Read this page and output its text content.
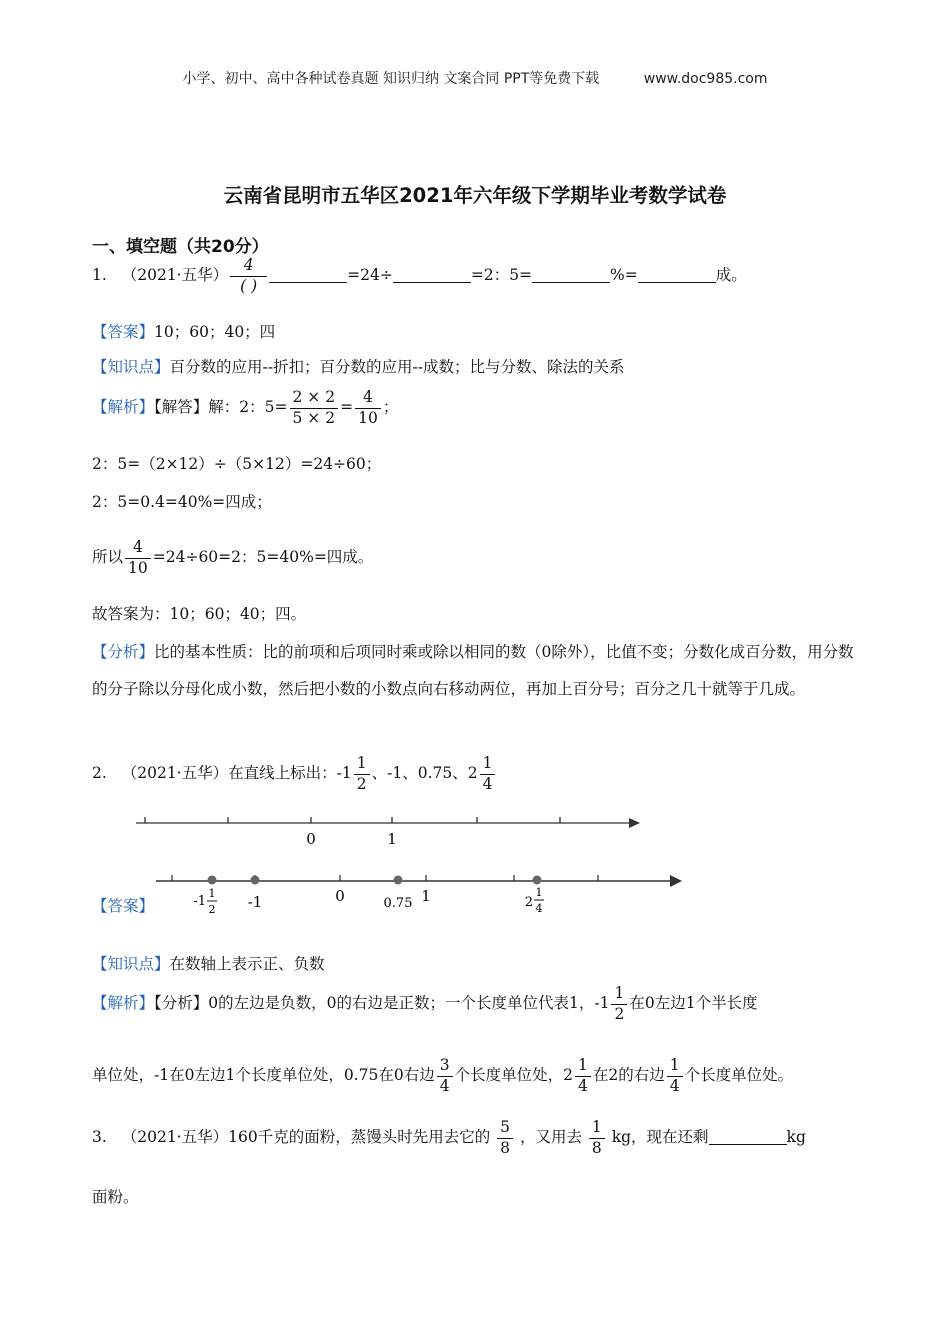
小学、初中、高中各种试卷真题 知识归纳 文案合同 PPT等免费下载	www.doc985.com
云南省昆明市五华区2021年六年级下学期毕业考数学试卷
一、填空题（共20分）
1. （2021·五华） $\frac{4}{( )}$	=24÷	=2：5=	%=	成。
【答案】10；60；40；四
【知识点】百分数的应用--折扣；百分数的应用--成数；比与分数、除法的关系
【解析】【解答】解：2：$5= \frac{2 \times 2}{5 \times 2} = \frac{4}{10}$ ；
2：5=（2×12）÷（5×12）=24÷60；
2：5=0.4=40%=四成；
所以 $\frac{4}{10} =24\div 60=2$：5=40%=四成。
故答案为：10；60；40；四。
【分析】比的基本性质：比的前项和后项同时乘或除以相同的数（0除外），比值不变；分数化成百分数，用分数的分子除以分母化成小数，然后把小数的小数点向右移动两位，再加上百分号；百分之几十就等于几成。
2. （2021·五华）在直线上标出：$-1 \frac{1}{2}$ 、-1、0.75、$2 \frac{1}{4}$
0	1
【答案】	-1
1
2 -1	0	0.75 1	2
1
4
【知识点】在数轴上表示正、负数
【解析】【分析】0的左边是负数，0的右边是正数；一个长度单位代表1，$-1 \frac{1}{2}$ 在0左边1个半长度
单位处，-1在0左边1个长度单位处，0.75在0右边 $\frac{3}{4}$ 个长度单位处，$2 \frac{1}{4}$ 在2的右边 $\frac{1}{4}$ 个长度单位处。
3. （2021·五华）160千克的面粉，蒸馒头时先用去它的 $\frac{5}{8}$ ，又用去 $\frac{1}{8}$ kg，现在还剩	kg
面粉。
